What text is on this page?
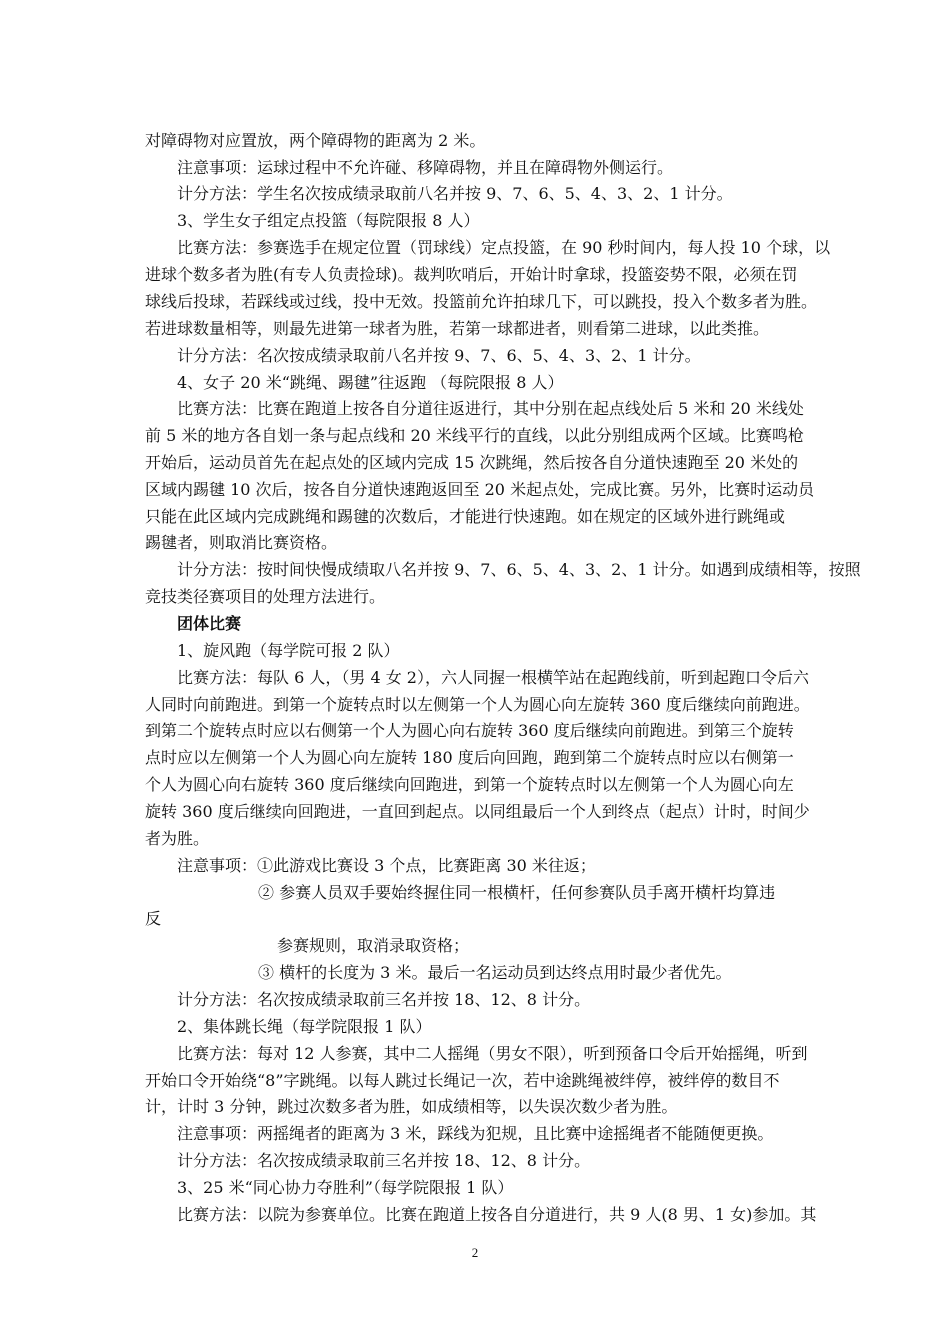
对障碍物对应置放，两个障碍物的距离为 2 米。
注意事项：运球过程中不允许碰、移障碍物，并且在障碍物外侧运行。
计分方法：学生名次按成绩录取前八名并按 9、7、6、5、4、3、2、1 计分。
3、学生女子组定点投篮（每院限报 8 人）
比赛方法：参赛选手在规定位置（罚球线）定点投篮，在 90 秒时间内，每人投 10 个球，以
进球个数多者为胜(有专人负责捡球)。裁判吹哨后，开始计时拿球，投篮姿势不限，必须在罚
球线后投球，若踩线或过线，投中无效。投篮前允许拍球几下，可以跳投，投入个数多者为胜。
若进球数量相等，则最先进第一球者为胜，若第一球都进者，则看第二进球，以此类推。
计分方法：名次按成绩录取前八名并按 9、7、6、5、4、3、2、1 计分。
4、女子 20 米“跳绳、踢毽”往返跑 （每院限报 8 人）
比赛方法：比赛在跑道上按各自分道往返进行，其中分别在起点线处后 5 米和 20 米线处
前 5 米的地方各自划一条与起点线和 20 米线平行的直线，以此分别组成两个区域。比赛鸣枪
开始后，运动员首先在起点处的区域内完成 15 次跳绳，然后按各自分道快速跑至 20 米处的
区域内踢毽 10 次后，按各自分道快速跑返回至 20 米起点处，完成比赛。另外，比赛时运动员
只能在此区域内完成跳绳和踢毽的次数后，才能进行快速跑。如在规定的区域外进行跳绳或
踢毽者，则取消比赛资格。
计分方法：按时间快慢成绩取八名并按 9、7、6、5、4、3、2、1 计分。如遇到成绩相等，按照
竞技类径赛项目的处理方法进行。
团体比赛
1、旋风跑（每学院可报 2 队）
比赛方法：每队 6 人，（男 4 女 2），六人同握一根横竿站在起跑线前，听到起跑口令后六
人同时向前跑进。到第一个旋转点时以左侧第一个人为圆心向左旋转 360 度后继续向前跑进。
到第二个旋转点时应以右侧第一个人为圆心向右旋转 360 度后继续向前跑进。到第三个旋转
点时应以左侧第一个人为圆心向左旋转 180 度后向回跑，跑到第二个旋转点时应以右侧第一
个人为圆心向右旋转 360 度后继续向回跑进，到第一个旋转点时以左侧第一个人为圆心向左
旋转 360 度后继续向回跑进，一直回到起点。以同组最后一个人到终点（起点）计时，时间少
者为胜。
注意事项：①此游戏比赛设 3 个点，比赛距离 30 米往返；
② 参赛人员双手要始终握住同一根横杆，任何参赛队员手离开横杆均算违
反
参赛规则，取消录取资格；
③ 横杆的长度为 3 米。最后一名运动员到达终点用时最少者优先。
计分方法：名次按成绩录取前三名并按 18、12、8 计分。
2、集体跳长绳（每学院限报 1 队）
比赛方法：每对 12 人参赛，其中二人摇绳（男女不限），听到预备口令后开始摇绳，听到
开始口令开始绕“8”字跳绳。以每人跳过长绳记一次，若中途跳绳被绊停，被绊停的数目不
计，计时 3 分钟，跳过次数多者为胜，如成绩相等，以失误次数少者为胜。
注意事项：两摇绳者的距离为 3 米，踩线为犯规，且比赛中途摇绳者不能随便更换。
计分方法：名次按成绩录取前三名并按 18、12、8 计分。
3、25 米“同心协力夺胜利”（每学院限报 1 队）
比赛方法：以院为参赛单位。比赛在跑道上按各自分道进行，共 9 人(8 男、1 女)参加。其
2
